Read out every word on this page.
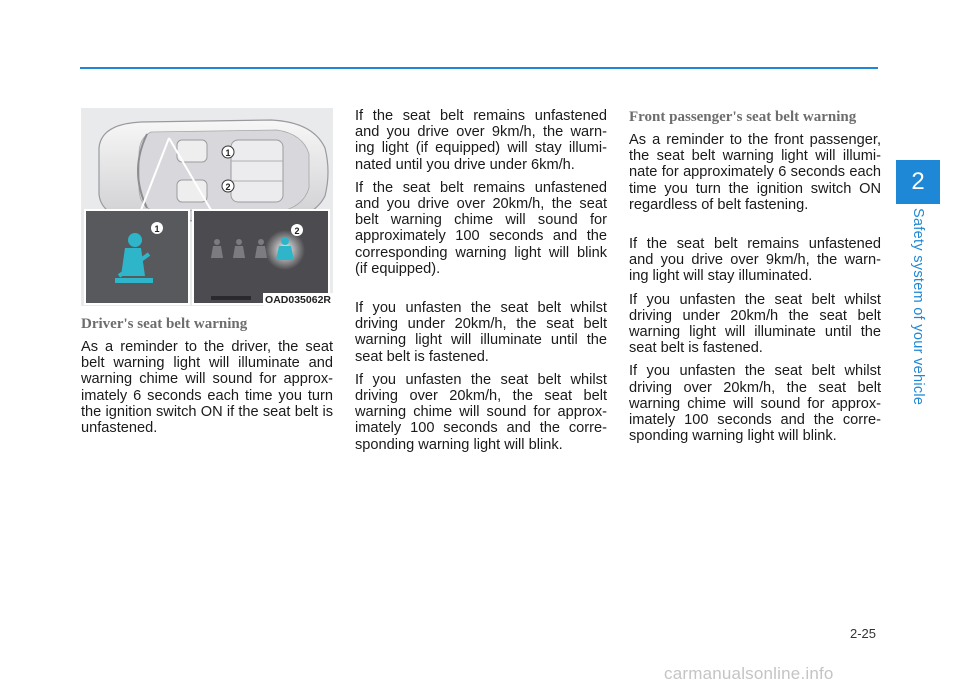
1
2
1	2
OAD035062R
Driver's seat belt warning

As a reminder to the driver, the seat belt warning light will illuminate and warning chime will sound for approx- imately 6 seconds each time you turn the ignition switch ON if the seat belt is unfastened.

If the seat belt remains unfastened and you drive over 9km/h, the warn- ing light (if equipped) will stay illumi- nated until you drive under 6km/h.

If the seat belt remains unfastened and you drive over 20km/h, the seat belt warning chime will sound for approximately 100 seconds and the corresponding warning light will blink (if equipped).

If you unfasten the seat belt whilst driving under 20km/h, the seat belt warning light will illuminate until the seat belt is fastened.

If you unfasten the seat belt whilst driving over 20km/h, the seat belt warning chime will sound for approx- imately 100 seconds and the corre- sponding warning light will blink.

Front passenger's seat belt warning

As a reminder to the front passenger, the seat belt warning light will illumi- nate for approximately 6 seconds each time you turn the ignition switch ON regardless of belt fastening.

If the seat belt remains unfastened and you drive over 9km/h, the warn- ing light will stay illuminated.

If you unfasten the seat belt whilst driving under 20km/h the seat belt warning light will illuminate until the seat belt is fastened.

If you unfasten the seat belt whilst driving over 20km/h, the seat belt warning chime will sound for approx- imately 100 seconds and the corre- sponding warning light will blink.

2
Safety system of your vehicle
2-25
carmanualsonline.info
